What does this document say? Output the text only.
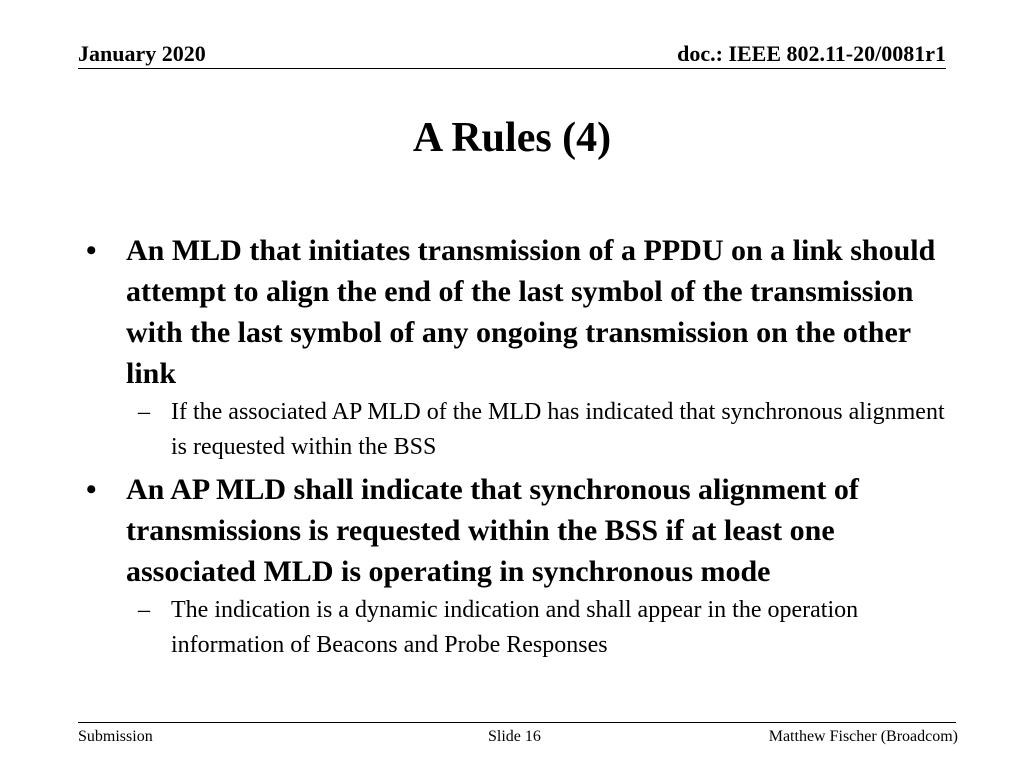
January 2020	doc.: IEEE 802.11-20/0081r1
A Rules (4)
• An MLD that initiates transmission of a PPDU on a link should attempt to align the end of the last symbol of the transmission with the last symbol of any ongoing transmission on the other link
– If the associated AP MLD of the MLD has indicated that synchronous alignment is requested within the BSS
• An AP MLD shall indicate that synchronous alignment of transmissions is requested within the BSS if at least one associated MLD is operating in synchronous mode
– The indication is a dynamic indication and shall appear in the operation information of Beacons and Probe Responses
Submission	Slide 16	Matthew Fischer (Broadcom)
